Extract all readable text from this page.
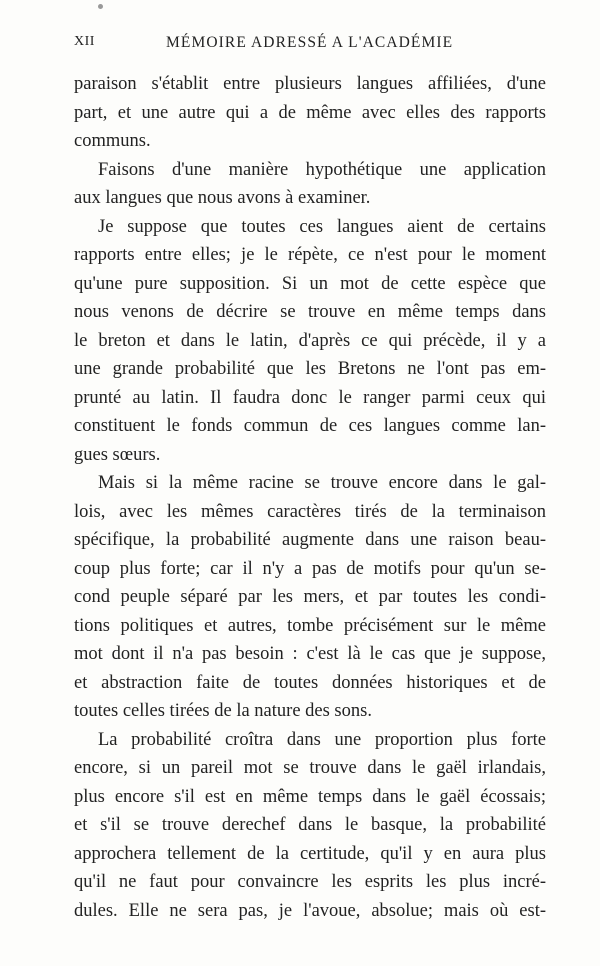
XII	MÉMOIRE ADRESSÉ A L'ACADÉMIE
paraison s'établit entre plusieurs langues affiliées, d'une
part, et une autre qui a de même avec elles des rapports
communs.
Faisons d'une manière hypothétique une application
aux langues que nous avons à examiner.
Je suppose que toutes ces langues aient de certains
rapports entre elles; je le répète, ce n'est pour le moment
qu'une pure supposition. Si un mot de cette espèce que
nous venons de décrire se trouve en même temps dans
le breton et dans le latin, d'après ce qui précède, il y a
une grande probabilité que les Bretons ne l'ont pas em-
prunté au latin. Il faudra donc le ranger parmi ceux qui
constituent le fonds commun de ces langues comme lan-
gues sœurs.
Mais si la même racine se trouve encore dans le gal-
lois, avec les mêmes caractères tirés de la terminaison
spécifique, la probabilité augmente dans une raison beau-
coup plus forte; car il n'y a pas de motifs pour qu'un se-
cond peuple séparé par les mers, et par toutes les condi-
tions politiques et autres, tombe précisément sur le même
mot dont il n'a pas besoin : c'est là le cas que je suppose,
et abstraction faite de toutes données historiques et de
toutes celles tirées de la nature des sons.
La probabilité croîtra dans une proportion plus forte
encore, si un pareil mot se trouve dans le gaël irlandais,
plus encore s'il est en même temps dans le gaël écossais;
et s'il se trouve derechef dans le basque, la probabilité
approchera tellement de la certitude, qu'il y en aura plus
qu'il ne faut pour convaincre les esprits les plus incré-
dules. Elle ne sera pas, je l'avoue, absolue; mais où est-
